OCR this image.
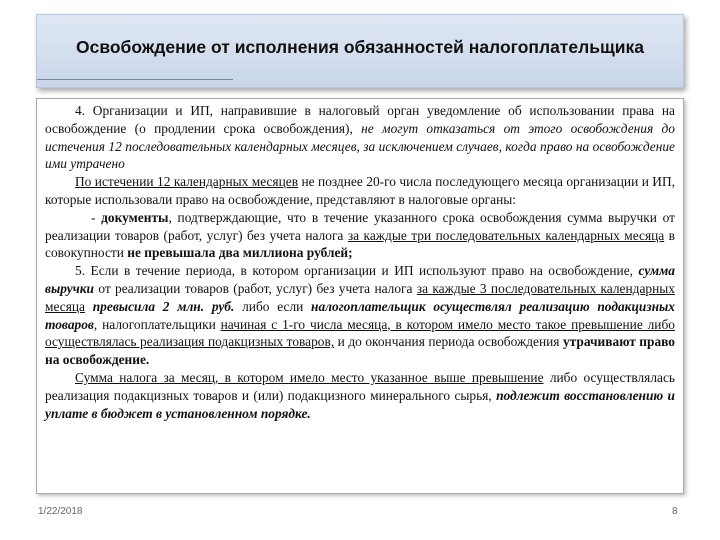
Освобождение от исполнения обязанностей налогоплательщика

4. Организации и ИП, направившие в налоговый орган уведомление об использовании права на освобождение (о продлении срока освобождения), не могут отказаться от этого освобождения до истечения 12 последовательных календарных месяцев, за исключением случаев, когда право на освобождение ими утрачено

По истечении 12 календарных месяцев не позднее 20-го числа последующего месяца организации и ИП, которые использовали право на освобождение, представляют в налоговые органы:

- документы, подтверждающие, что в течение указанного срока освобождения сумма выручки от реализации товаров (работ, услуг) без учета налога за каждые три последовательных календарных месяца в совокупности не превышала два миллиона рублей;

5. Если в течение периода, в котором организации и ИП используют право на освобождение, сумма выручки от реализации товаров (работ, услуг) без учета налога за каждые 3 последовательных календарных месяца превысила 2 млн. руб. либо если налогоплательщик осуществлял реализацию подакцизных товаров, налогоплательщики начиная с 1-го числа месяца, в котором имело место такое превышение либо осуществлялась реализация подакцизных товаров, и до окончания периода освобождения утрачивают право на освобождение.

Сумма налога за месяц, в котором имело место указанное выше превышение либо осуществлялась реализация подакцизных товаров и (или) подакцизного минерального сырья, подлежит восстановлению и уплате в бюджет в установленном порядке.

1/22/2018	8
